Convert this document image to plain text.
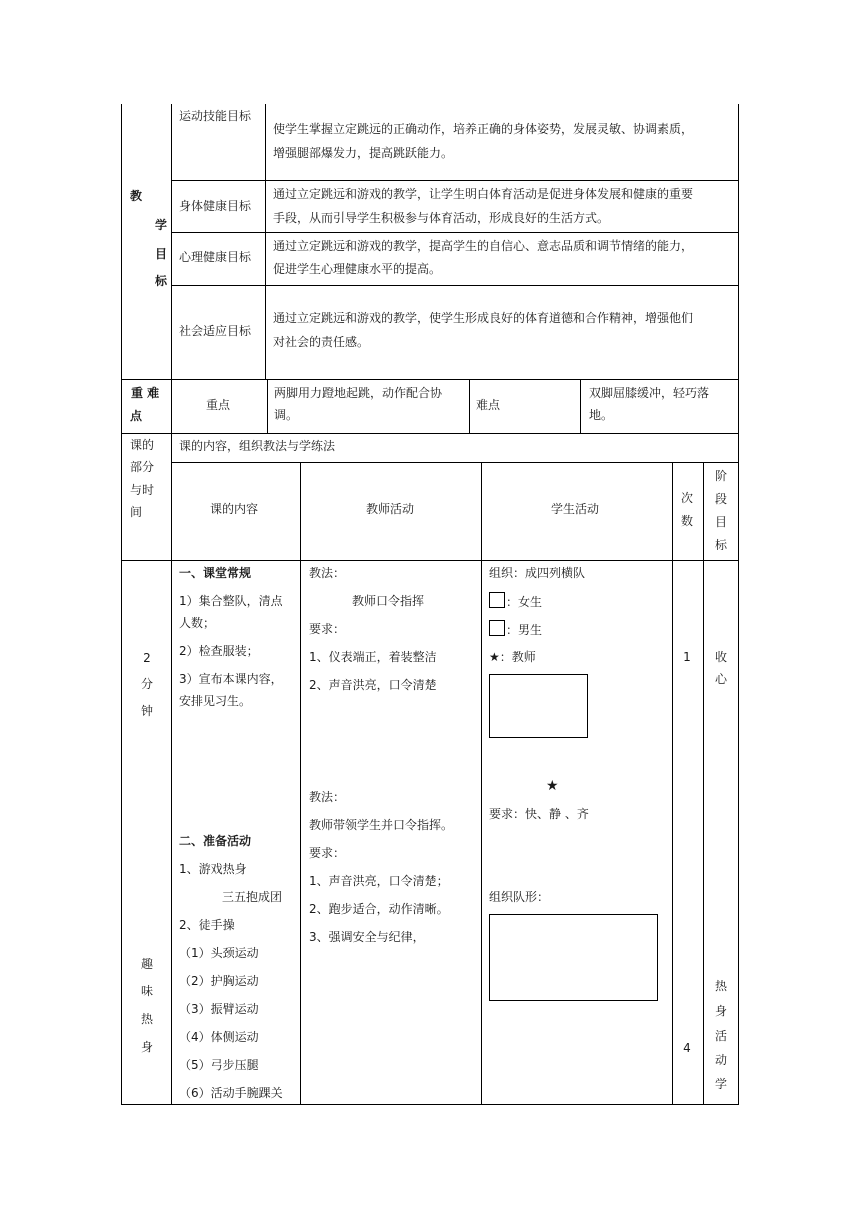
教
学
目
标
运动技能目标
使学生掌握立定跳远的正确动作，培养正确的身体姿势，发展灵敏、协调素质，
增强腿部爆发力，提高跳跃能力。
身体健康目标
通过立定跳远和游戏的教学，让学生明白体育活动是促进身体发展和健康的重要
手段，从而引导学生积极参与体育活动，形成良好的生活方式。
心理健康目标
通过立定跳远和游戏的教学，提高学生的自信心、意志品质和调节情绪的能力，
促进学生心理健康水平的提高。
社会适应目标
通过立定跳远和游戏的教学，使学生形成良好的体育道德和合作精神，增强他们
对社会的责任感。
重 难
点
重点
两脚用力蹬地起跳，动作配合协
调。
难点
双脚屈膝缓冲，轻巧落
地。
课的
部分
与时
间
课的内容，组织教法与学练法
课的内容	教师活动	学生活动
次
数
阶
段
目
标
2
分
钟
趣
味
热
身
一、课堂常规
1）集合整队，清点
人数；
2）检查服装；
3）宣布本课内容，
安排见习生。
二、准备活动
1、游戏热身
三五抱成团
2、徒手操
（1）头颈运动
（2）护胸运动
（3）振臂运动
（4）体侧运动
（5）弓步压腿
（6）活动手腕踝关
教法：
教师口令指挥
要求：
1、仪表端正，着装整洁
2、声音洪亮，口令清楚
教法：
教师带领学生并口令指挥。
要求：
1、声音洪亮，口令清楚；
2、跑步适合，动作清晰。
3、强调安全与纪律，
组织：成四列横队
：女生
：男生
★：教师
★
要求：快、静 、齐
组织队形：
1
4
收
心
热
身
活
动
学
